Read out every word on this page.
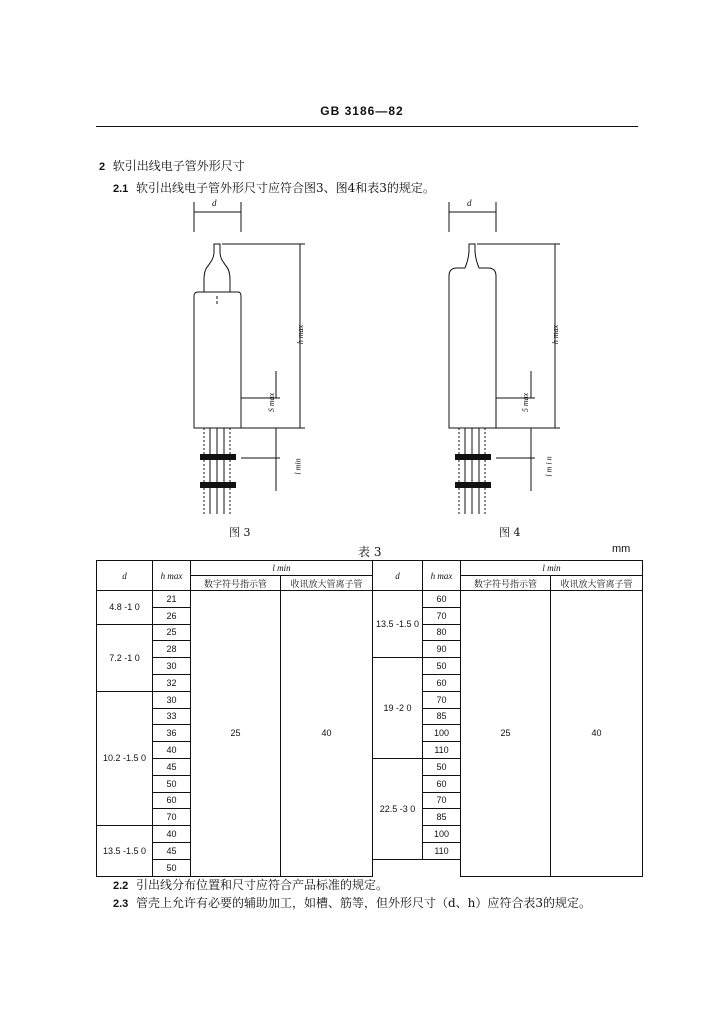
GB 3186—82
2 软引出线电子管外形尺寸
2.1 软引出线电子管外形尺寸应符合图3、图4和表3的规定。
d
h max
S max
l min
图 3
d
h max
5 max
l m i n
图 4
表 3	mm
d	h max	l min		d	h max	l min	
		数字符号指示管	收讯放大管离子管			数字符号指示管	收讯放大管离子管
4.8 -1 0	21	25	40	13.5 -1.5 0	60	25	40
	26				70		
7.2 -1 0	25				80		
	28				90		
	30			19 -2 0	50		
	32				60		
10.2 -1.5 0	30				70		
	33				85		
	36				100		
	40				110		
	45			22.5 -3 0	50		
	50				60		
	60				70		
	70				85		
13.5 -1.5 0	40				100		
	45				110		
	50						
2.2 引出线分布位置和尺寸应符合产品标准的规定。
2.3 管壳上允许有必要的辅助加工，如槽、筋等，但外形尺寸（d、h）应符合表3的规定。
